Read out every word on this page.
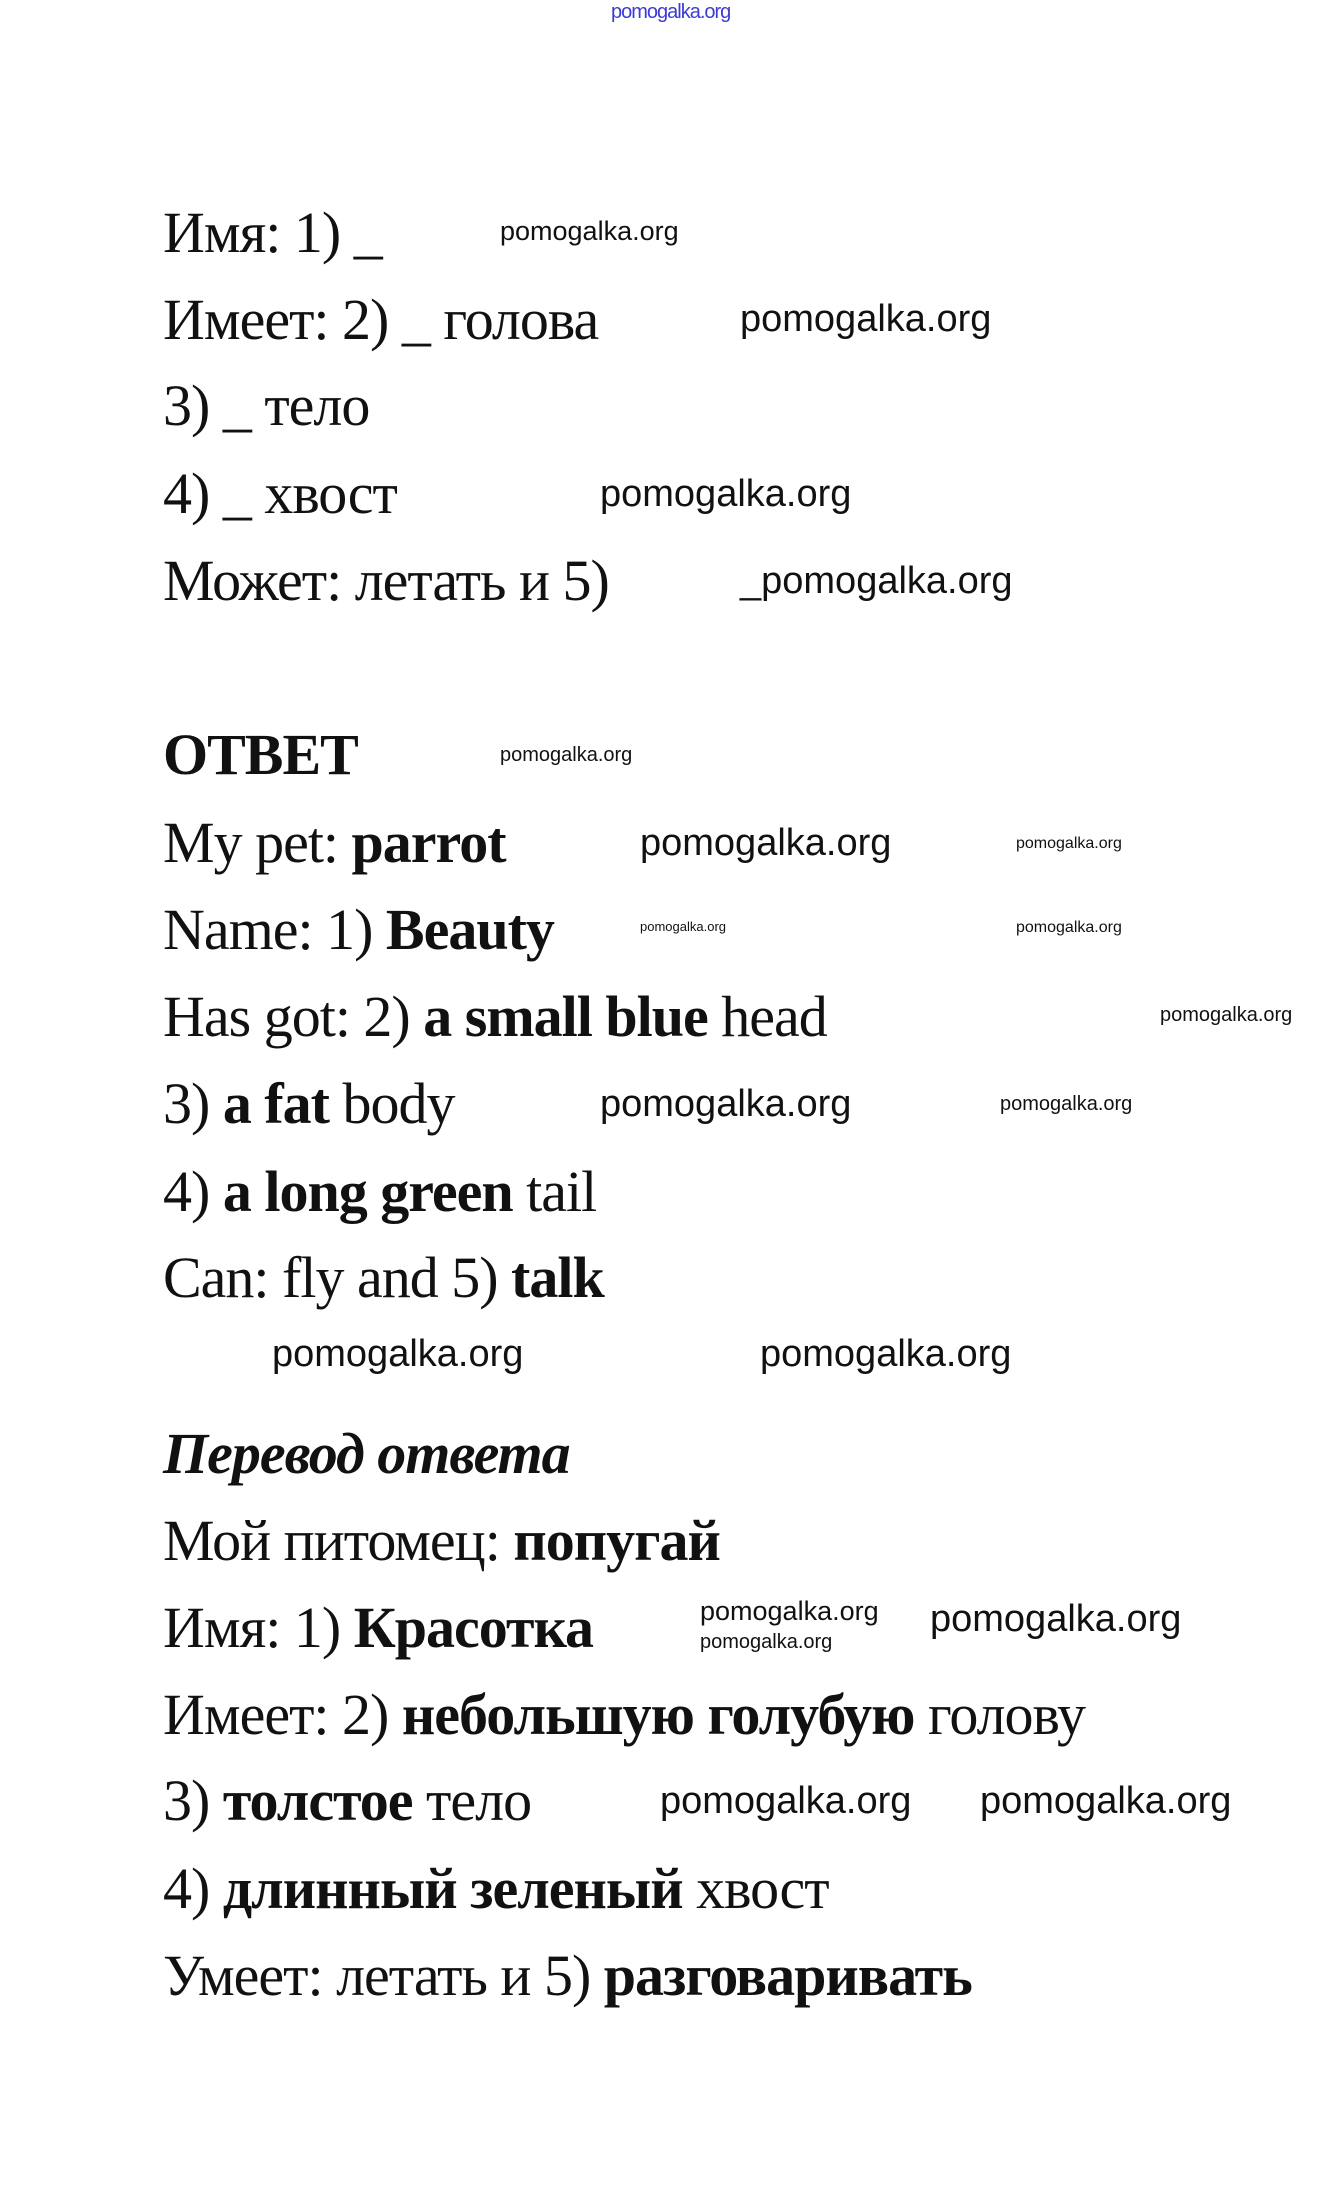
pomogalka.org
Имя: 1) _
Имеет: 2) _ голова
3) _ тело
4) _ хвост
Может: летать и 5)
ОТВЕТ
My pet: parrot
Name: 1) Beauty
Has got: 2) a small blue head
3) a fat body
4) a long green tail
Can: fly and 5) talk
Перевод ответа
Мой питомец: попугай
Имя: 1) Красотка
Имеет: 2) небольшую голубую голову
3) толстое тело
4) длинный зеленый хвост
Умеет: летать и 5) разговаривать
pomogalka.org
pomogalka.org
pomogalka.org
_pomogalka.org
pomogalka.org
pomogalka.org	pomogalka.org
pomogalka.org	pomogalka.org
pomogalka.org
pomogalka.org	pomogalka.org
pomogalka.org	pomogalka.org
pomogalka.org
pomogalka.org pomogalka.org
pomogalka.org pomogalka.org
